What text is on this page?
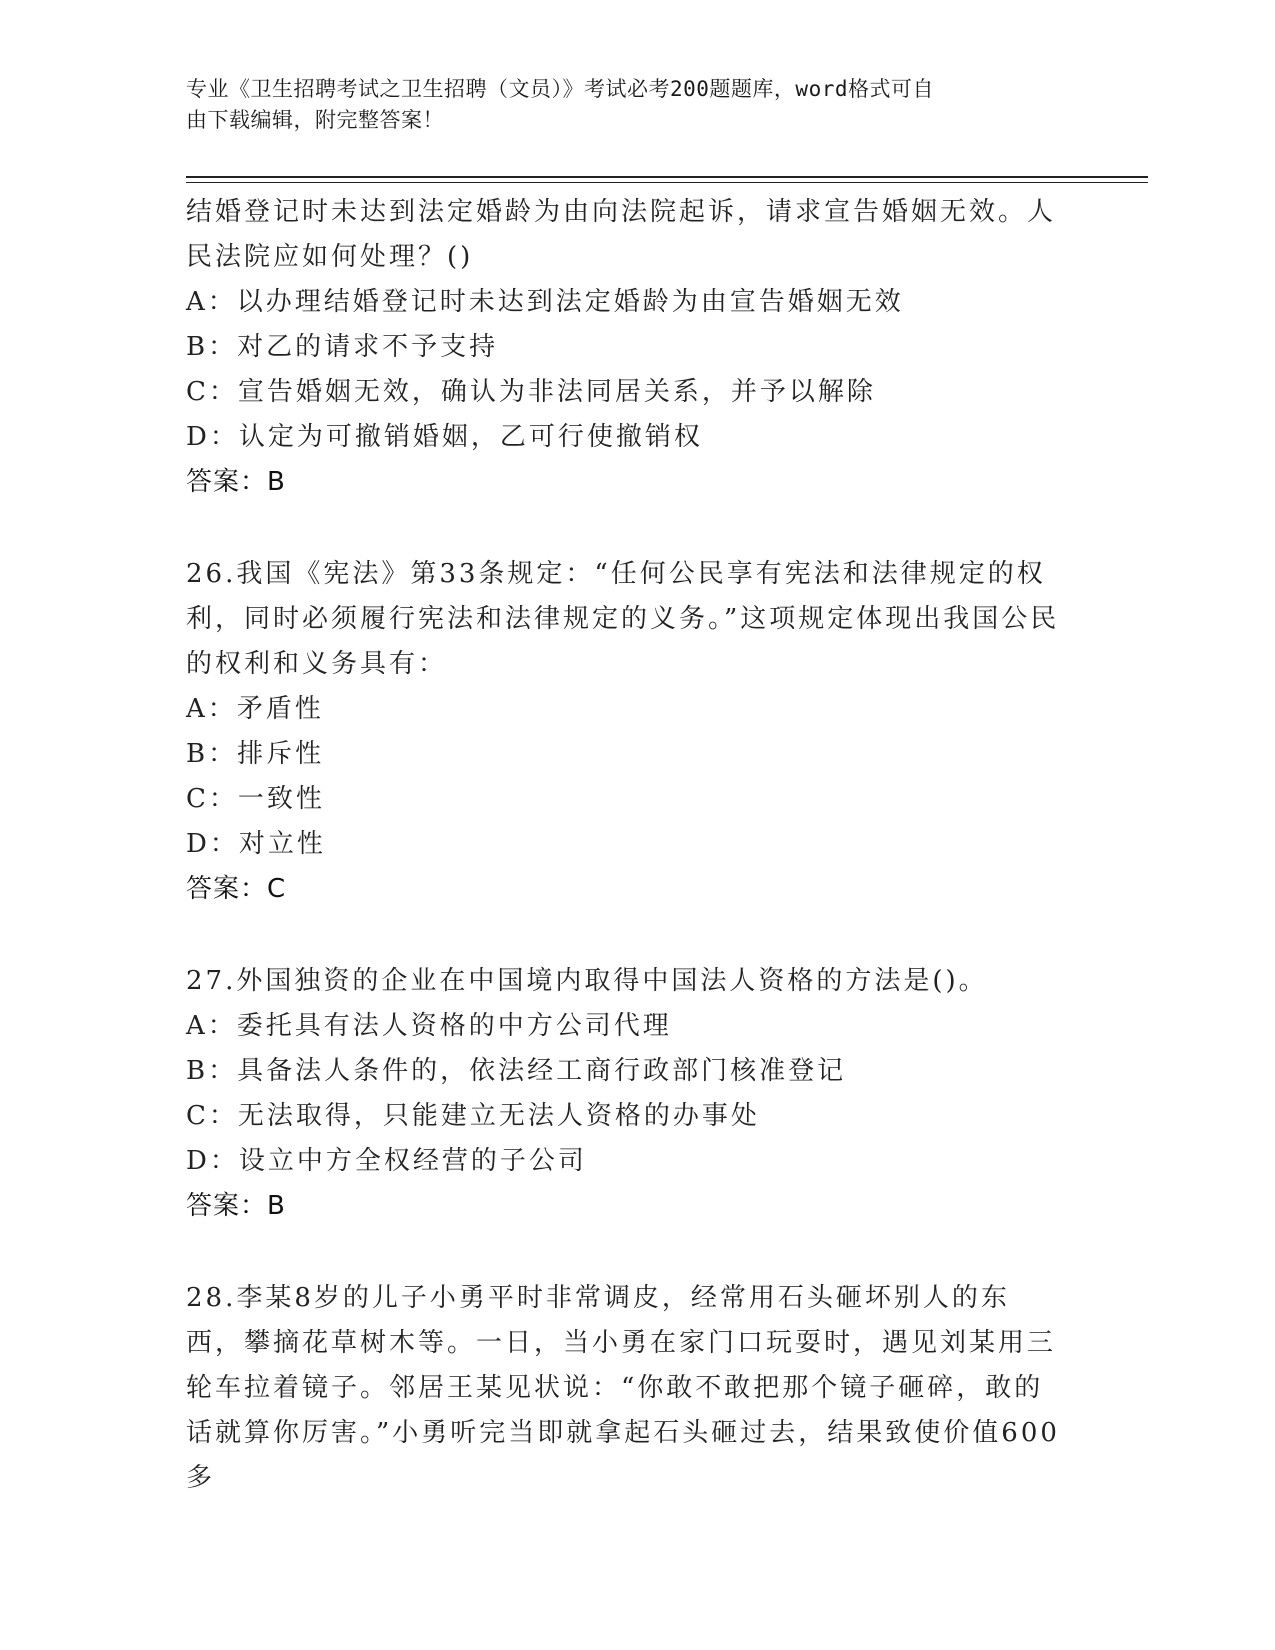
专业《卫生招聘考试之卫生招聘（文员）》考试必考200题题库，word格式可自
由下载编辑，附完整答案！
结婚登记时未达到法定婚龄为由向法院起诉，请求宣告婚姻无效。人民法院应如何处理？()
A：以办理结婚登记时未达到法定婚龄为由宣告婚姻无效
B：对乙的请求不予支持
C：宣告婚姻无效，确认为非法同居关系，并予以解除
D：认定为可撤销婚姻，乙可行使撤销权
答案：B
26.我国《宪法》第33条规定：“任何公民享有宪法和法律规定的权利，同时必须履行宪法和法律规定的义务。”这项规定体现出我国公民的权利和义务具有：
A：矛盾性
B：排斥性
C：一致性
D：对立性
答案：C
27.外国独资的企业在中国境内取得中国法人资格的方法是()。
A：委托具有法人资格的中方公司代理
B：具备法人条件的，依法经工商行政部门核准登记
C：无法取得，只能建立无法人资格的办事处
D：设立中方全权经营的子公司
答案：B
28.李某8岁的儿子小勇平时非常调皮，经常用石头砸坏别人的东西，攀摘花草树木等。一日，当小勇在家门口玩耍时，遇见刘某用三轮车拉着镜子。邻居王某见状说：“你敢不敢把那个镜子砸碎，敢的话就算你厉害。”小勇听完当即就拿起石头砸过去，结果致使价值600多
